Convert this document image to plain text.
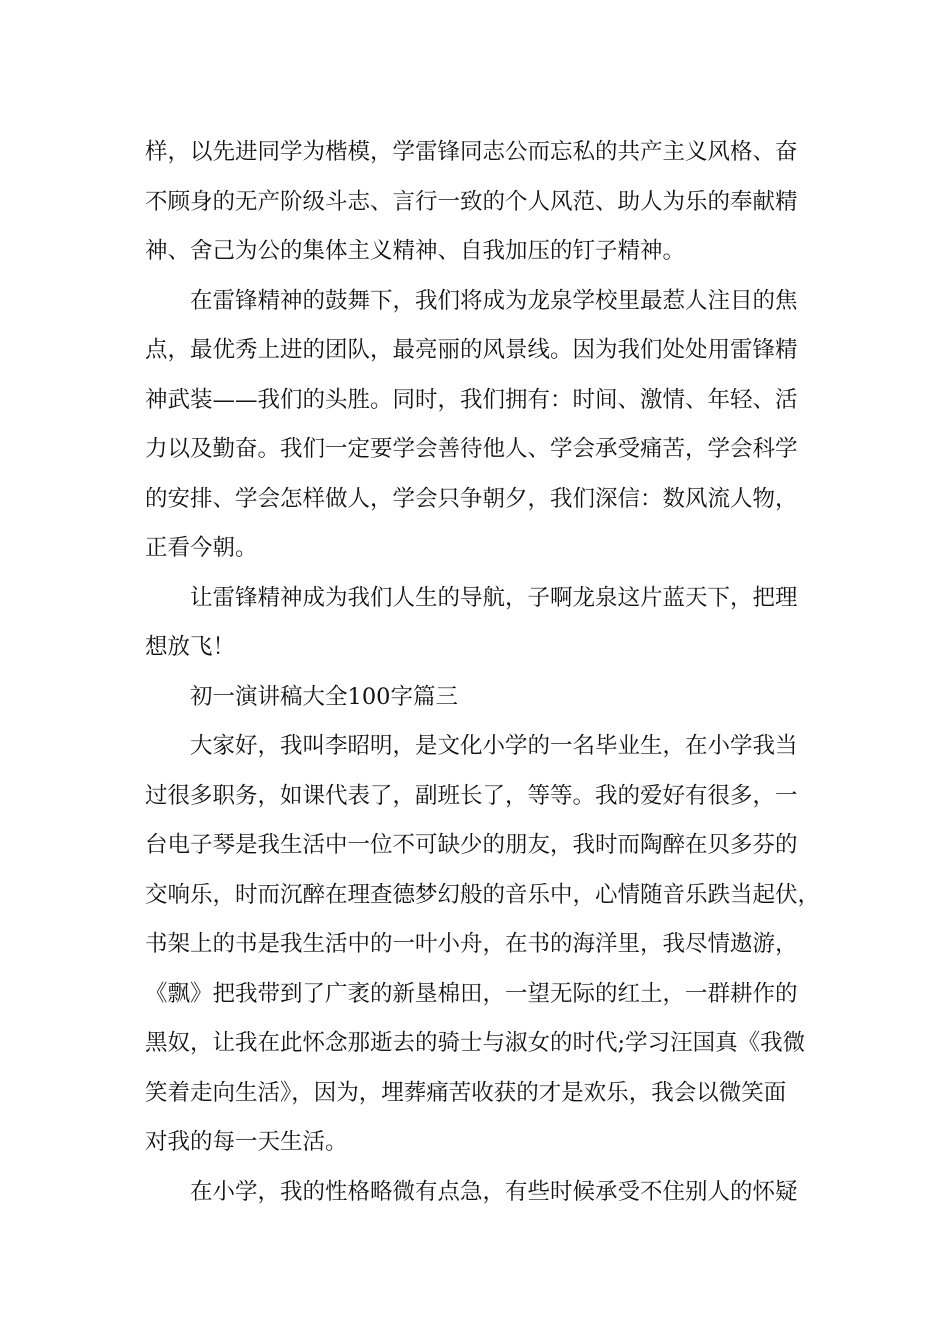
样，以先进同学为楷模，学雷锋同志公而忘私的共产主义风格、奋
不顾身的无产阶级斗志、言行一致的个人风范、助人为乐的奉献精
神、舍己为公的集体主义精神、自我加压的钉子精神。
在雷锋精神的鼓舞下，我们将成为龙泉学校里最惹人注目的焦
点，最优秀上进的团队，最亮丽的风景线。因为我们处处用雷锋精
神武装——我们的头胜。同时，我们拥有：时间、激情、年轻、活
力以及勤奋。我们一定要学会善待他人、学会承受痛苦，学会科学
的安排、学会怎样做人，学会只争朝夕，我们深信：数风流人物，
正看今朝。
让雷锋精神成为我们人生的导航，子啊龙泉这片蓝天下，把理
想放飞！
初一演讲稿大全100字篇三
大家好，我叫李昭明，是文化小学的一名毕业生，在小学我当
过很多职务，如课代表了，副班长了，等等。我的爱好有很多，一
台电子琴是我生活中一位不可缺少的朋友，我时而陶醉在贝多芬的
交响乐，时而沉醉在理查德梦幻般的音乐中，心情随音乐跌当起伏，
书架上的书是我生活中的一叶小舟，在书的海洋里，我尽情遨游，
《飘》把我带到了广袤的新垦棉田，一望无际的红土，一群耕作的
黑奴，让我在此怀念那逝去的骑士与淑女的时代;学习汪国真《我微
笑着走向生活》，因为，埋葬痛苦收获的才是欢乐，我会以微笑面
对我的每一天生活。
在小学，我的性格略微有点急，有些时候承受不住别人的怀疑
